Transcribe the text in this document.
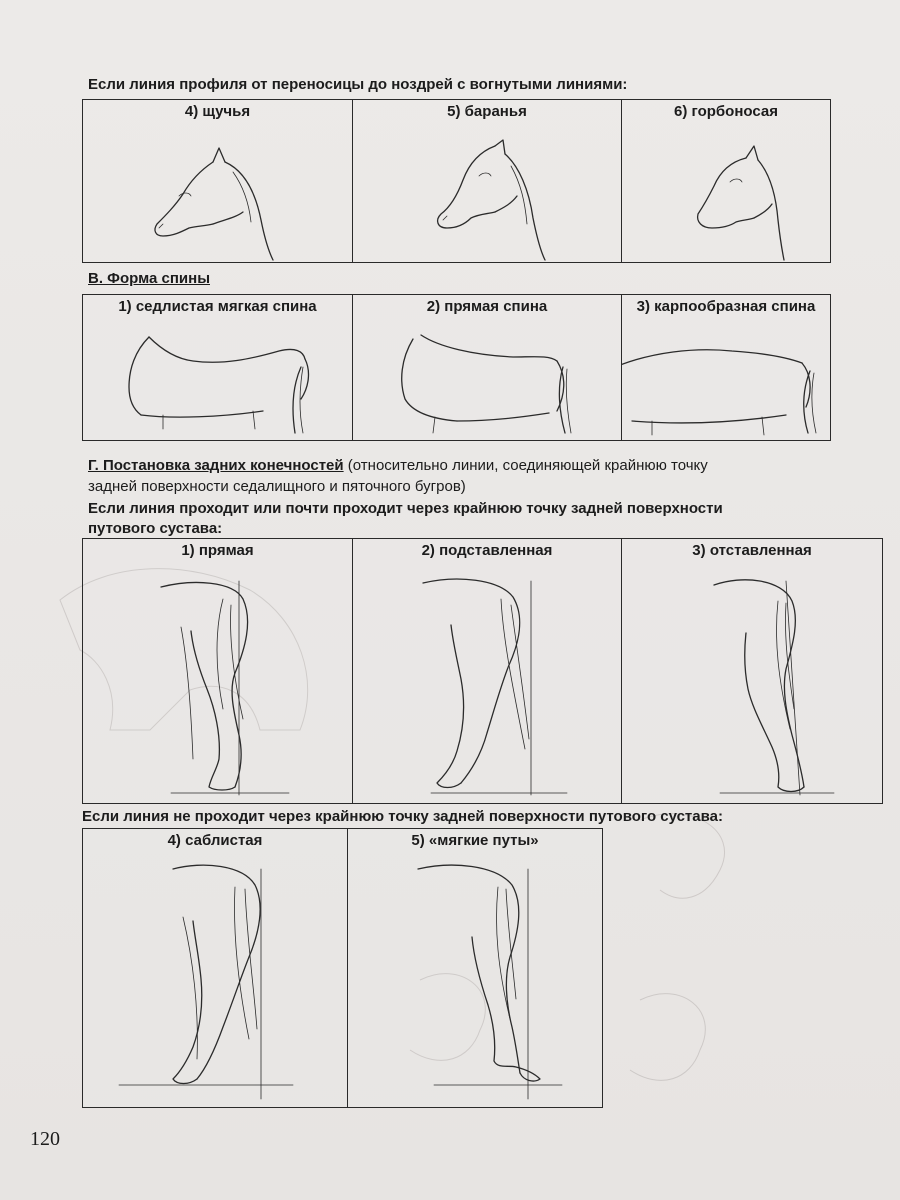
Если линия профиля от переносицы до ноздрей с вогнутыми линиями:
4) щучья	5) баранья	6) горбоносая
В. Форма спины
1) седлистая мягкая спина	2) прямая спина	3) карпообразная спина
Г. Постановка задних конечностей (относительно линии, соединяющей крайнюю точку
задней поверхности седалищного и пяточного бугров)
Если линия проходит или почти проходит через крайнюю точку задней поверхности
путового сустава:
1) прямая	2) подставленная	3) отставленная
Если линия не проходит через крайнюю точку задней поверхности путового сустава:
4) саблистая	5) «мягкие путы»
120
